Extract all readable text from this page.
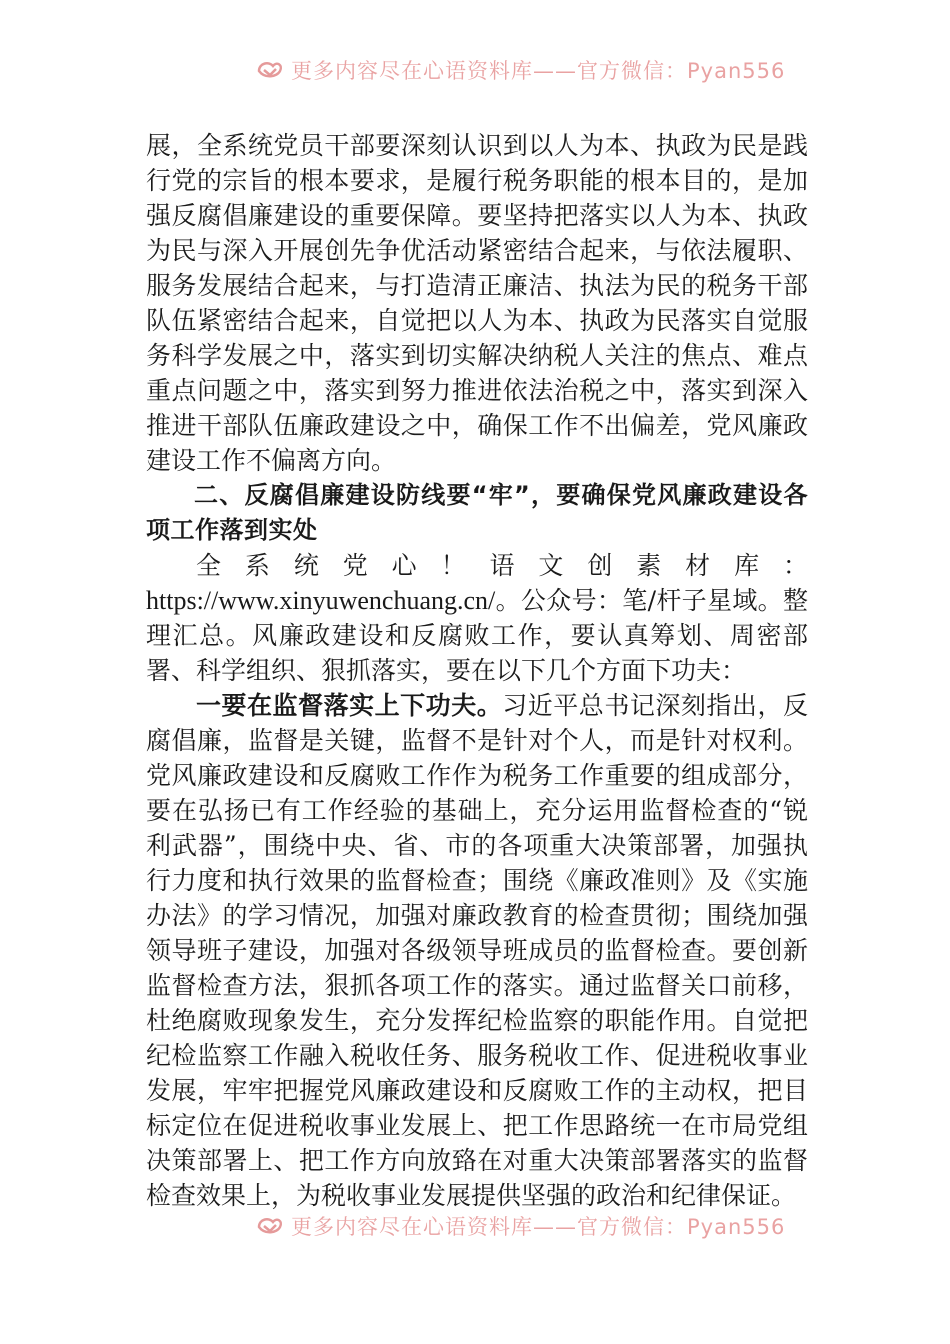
更多内容尽在心语资料库——官方微信：Pyan556

展，全系统党员干部要深刻认识到以人为本、执政为民是践行党的宗旨的根本要求，是履行税务职能的根本目的，是加强反腐倡廉建设的重要保障。要坚持把落实以人为本、执政为民与深入开展创先争优活动紧密结合起来，与依法履职、服务发展结合起来，与打造清正廉洁、执法为民的税务干部队伍紧密结合起来，自觉把以人为本、执政为民落实自觉服务科学发展之中，落实到切实解决纳税人关注的焦点、难点重点问题之中，落实到努力推进依法治税之中，落实到深入推进干部队伍廉政建设之中，确保工作不出偏差，党风廉政建设工作不偏离方向。

二、反腐倡廉建设防线要“牢”，要确保党风廉政建设各项工作落到实处

全系统党心！语文创素材库：https://www.xinyuwenchuang.cn/。公众号：笔/杆子星域。整理汇总。风廉政建设和反腐败工作，要认真筹划、周密部署、科学组织、狠抓落实，要在以下几个方面下功夫：

一要在监督落实上下功夫。习近平总书记深刻指出，反腐倡廉，监督是关键，监督不是针对个人，而是针对权利。党风廉政建设和反腐败工作作为税务工作重要的组成部分，要在弘扬已有工作经验的基础上，充分运用监督检查的“锐利武器”，围绕中央、省、市的各项重大决策部署，加强执行力度和执行效果的监督检查；围绕《廉政准则》及《实施办法》的学习情况，加强对廉政教育的检查贯彻；围绕加强领导班子建设，加强对各级领导班成员的监督检查。要创新监督检查方法，狠抓各项工作的落实。通过监督关口前移，杜绝腐败现象发生，充分发挥纪检监察的职能作用。自觉把纪检监察工作融入税收任务、服务税收工作、促进税收事业发展，牢牢把握党风廉政建设和反腐败工作的主动权，把目标定位在促进税收事业发展上、把工作思路统一在市局党组决策部署上、把工作方向放臵在对重大决策部署落实的监督检查效果上，为税收事业发展提供坚强的政治和纪律保证。

更多内容尽在心语资料库——官方微信：Pyan556
